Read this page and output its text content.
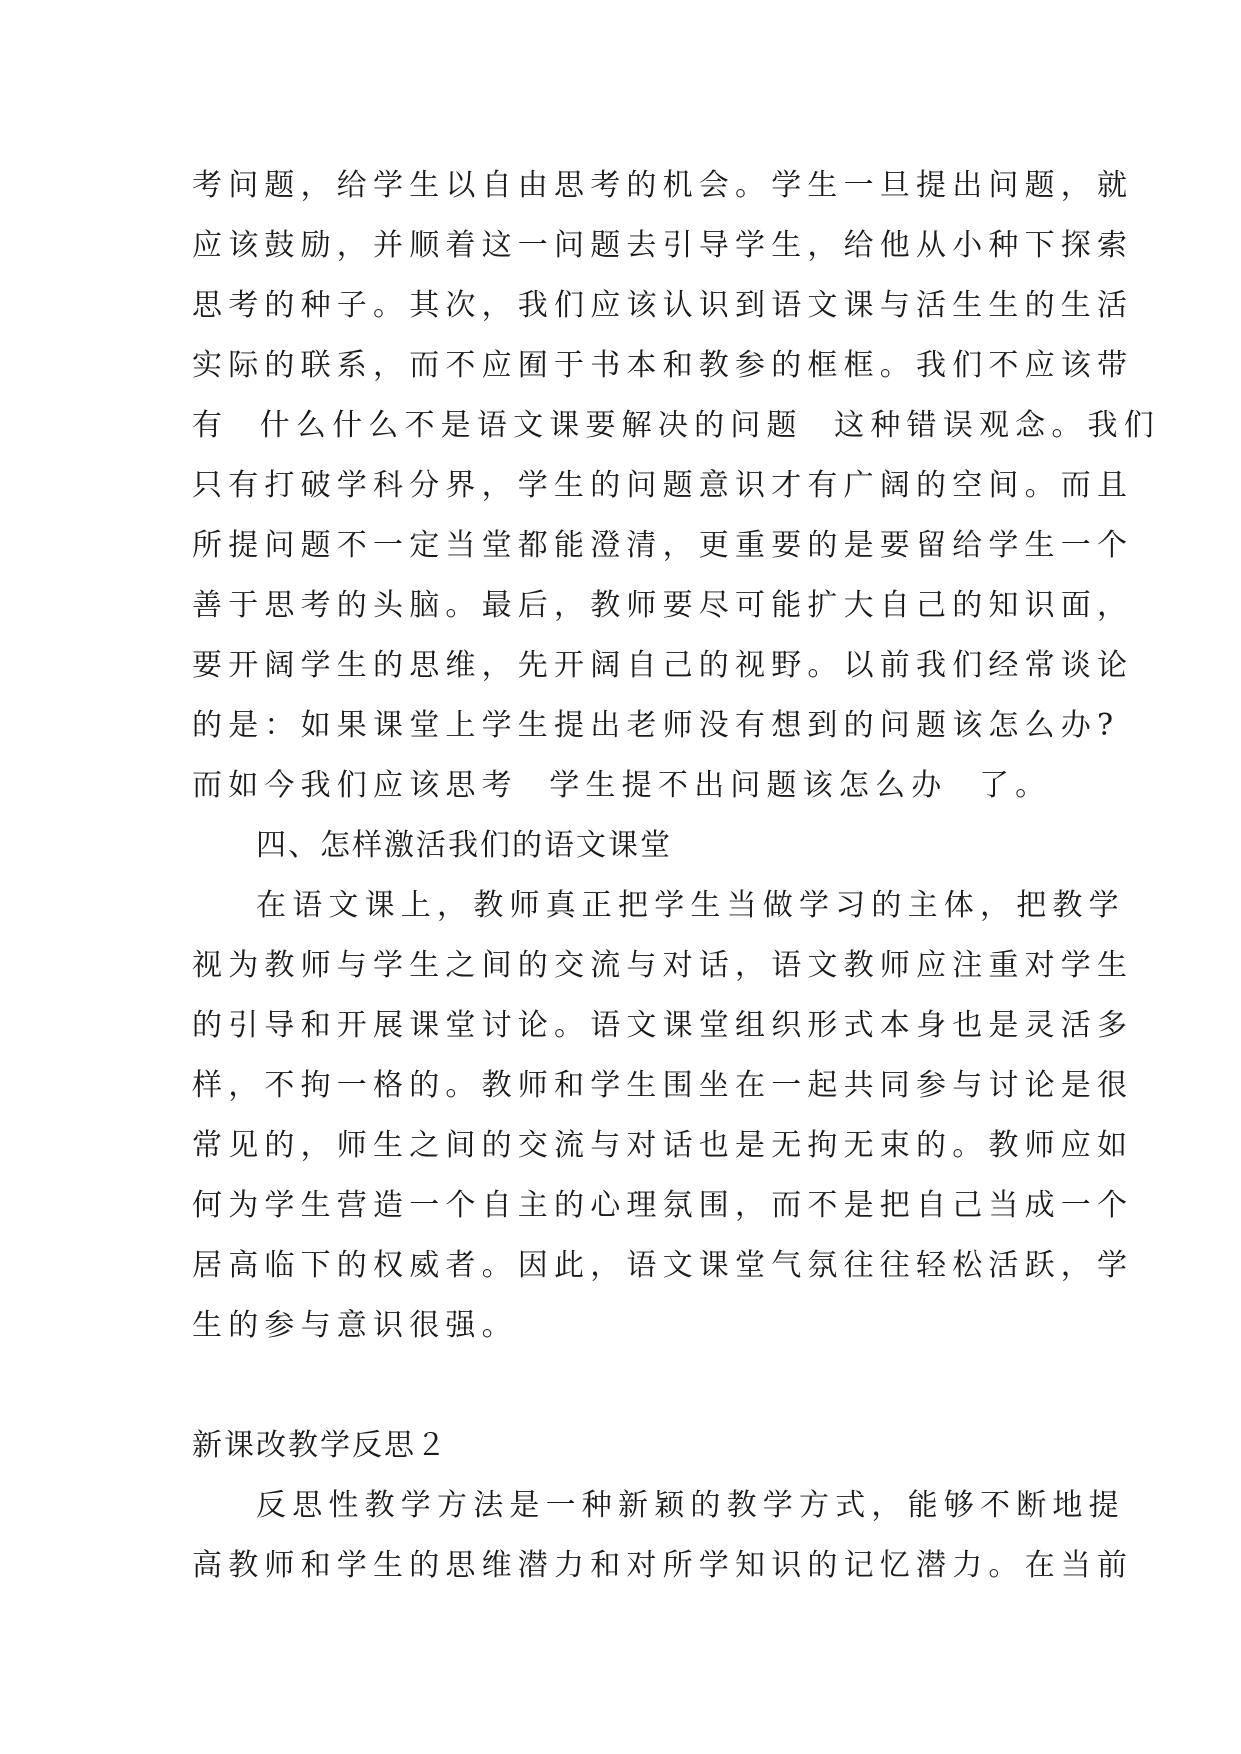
考问题，给学生以自由思考的机会。学生一旦提出问题，就
应该鼓励，并顺着这一问题去引导学生，给他从小种下探索
思考的种子。其次，我们应该认识到语文课与活生生的生活
实际的联系，而不应囿于书本和教参的框框。我们不应该带
有  什么什么不是语文课要解决的问题  这种错误观念。我们
只有打破学科分界，学生的问题意识才有广阔的空间。而且
所提问题不一定当堂都能澄清，更重要的是要留给学生一个
善于思考的头脑。最后，教师要尽可能扩大自己的知识面，
要开阔学生的思维，先开阔自己的视野。以前我们经常谈论
的是：如果课堂上学生提出老师没有想到的问题该怎么办?
而如今我们应该思考  学生提不出问题该怎么办  了。
四、怎样激活我们的语文课堂
在语文课上，教师真正把学生当做学习的主体，把教学
视为教师与学生之间的交流与对话，语文教师应注重对学生
的引导和开展课堂讨论。语文课堂组织形式本身也是灵活多
样，不拘一格的。教师和学生围坐在一起共同参与讨论是很
常见的，师生之间的交流与对话也是无拘无束的。教师应如
何为学生营造一个自主的心理氛围，而不是把自己当成一个
居高临下的权威者。因此，语文课堂气氛往往轻松活跃，学
生的参与意识很强。
新课改教学反思２
反思性教学方法是一种新颖的教学方式，能够不断地提
高教师和学生的思维潜力和对所学知识的记忆潜力。在当前
